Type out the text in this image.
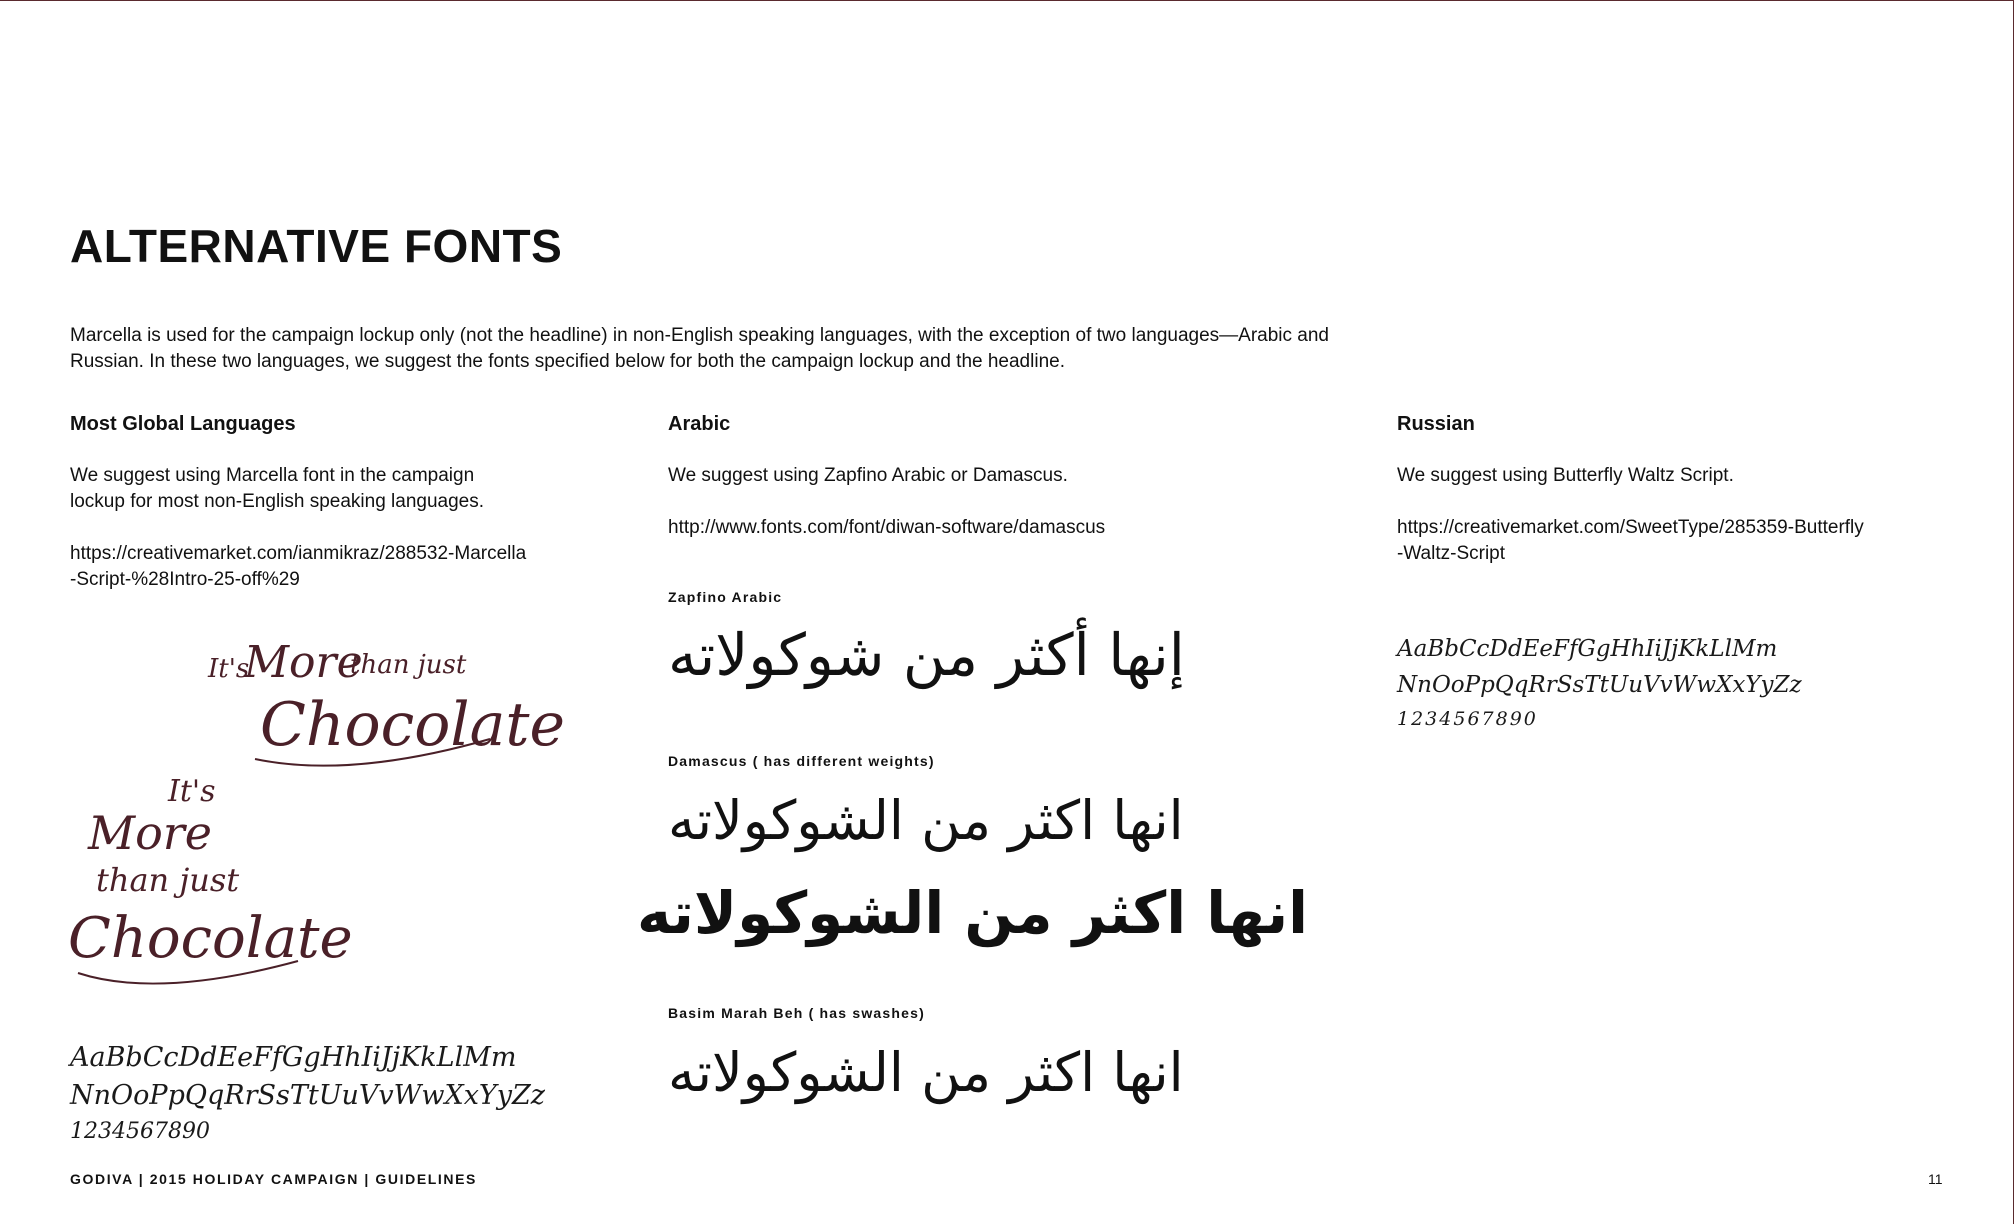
ALTERNATIVE FONTS

Marcella is used for the campaign lockup only (not the headline) in non-English speaking languages, with the exception of two languages—Arabic and Russian. In these two languages, we suggest the fonts specified below for both the campaign lockup and the headline.

Most Global Languages

We suggest using Marcella font in the campaign lockup for most non-English speaking languages.

https://creativemarket.com/ianmikraz/288532-Marcella-Script-%28Intro-25-off%29

It's
More
than just
Chocolate
It's
More
than just
Chocolate

AaBbCcDdEeFfGgHhIiJjKkLlMm

NnOoPpQqRrSsTtUuVvWwXxYyZz

1234567890

Arabic

We suggest using Zapfino Arabic or Damascus.

http://www.fonts.com/font/diwan-software/damascus

Zapfino Arabic

إنها أكثر من شوكولاته

Damascus ( has different weights)

انها اكثر من الشوكولاته

انها اكثر من الشوكولاته

Basim Marah Beh ( has swashes)

انها اكثر من الشوكولاته

Russian

We suggest using Butterfly Waltz Script.

https://creativemarket.com/SweetType/285359-Butterfly-Waltz-Script

AaBbCcDdEeFfGgHhIiJjKkLlMm

NnOoPpQqRrSsTtUuVvWwXxYyZz

1234567890

GODIVA | 2015 HOLIDAY CAMPAIGN | GUIDELINES	11
